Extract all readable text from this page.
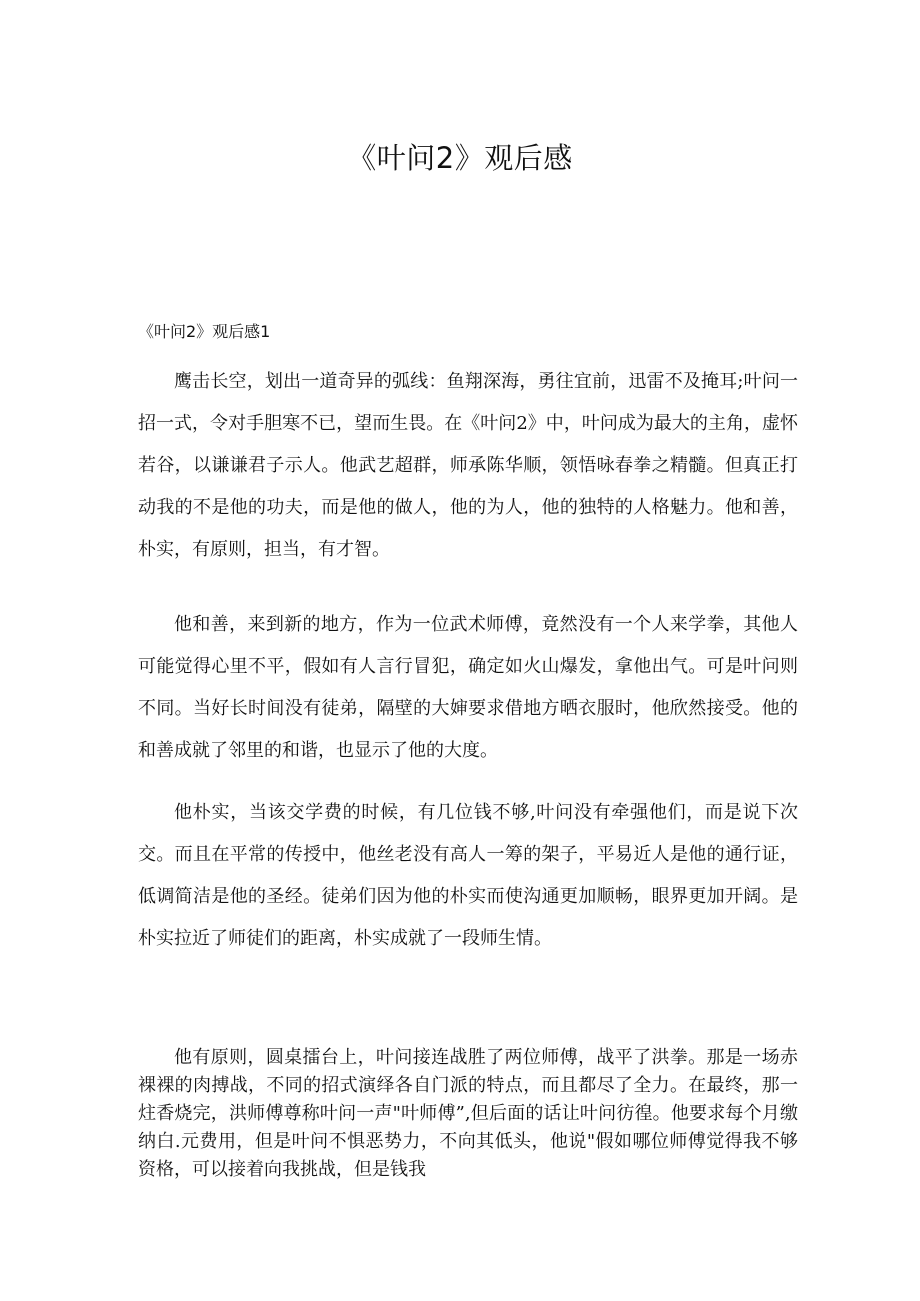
《叶问2》观后感
《叶问2》观后感1

鹰击长空，划出一道奇异的弧线：鱼翔深海，勇往宜前，迅雷不及掩耳;叶问一招一式，令对手胆寒不已，望而生畏。在《叶问2》中，叶问成为最大的主角，虚怀若谷，以谦谦君子示人。他武艺超群，师承陈华顺，领悟咏春拳之精髓。但真正打动我的不是他的功夫，而是他的做人，他的为人，他的独特的人格魅力。他和善，朴实，有原则，担当，有才智。

他和善，来到新的地方，作为一位武术师傅，竟然没有一个人来学拳，其他人可能觉得心里不平，假如有人言行冒犯，确定如火山爆发，拿他出气。可是叶问则不同。当好长时间没有徒弟，隔壁的大婶要求借地方晒衣服时，他欣然接受。他的和善成就了邻里的和谐，也显示了他的大度。

他朴实，当该交学费的时候，有几位钱不够,叶问没有牵强他们，而是说下次交。而且在平常的传授中，他丝老没有高人一筹的架子，平易近人是他的通行证，低调简洁是他的圣经。徒弟们因为他的朴实而使沟通更加顺畅，眼界更加开阔。是朴实拉近了师徒们的距离，朴实成就了一段师生情。

他有原则，圆桌擂台上，叶问接连战胜了两位师傅，战平了洪拳。那是一场赤裸裸的肉搏战，不同的招式演绎各自门派的特点，而且都尽了全力。在最终，那一炷香烧完，洪师傅尊称叶问一声"叶师傅”,但后面的话让叶问彷徨。他要求每个月缴纳白.元费用，但是叶问不惧恶势力，不向其低头，他说"假如哪位师傅觉得我不够资格，可以接着向我挑战，但是钱我
